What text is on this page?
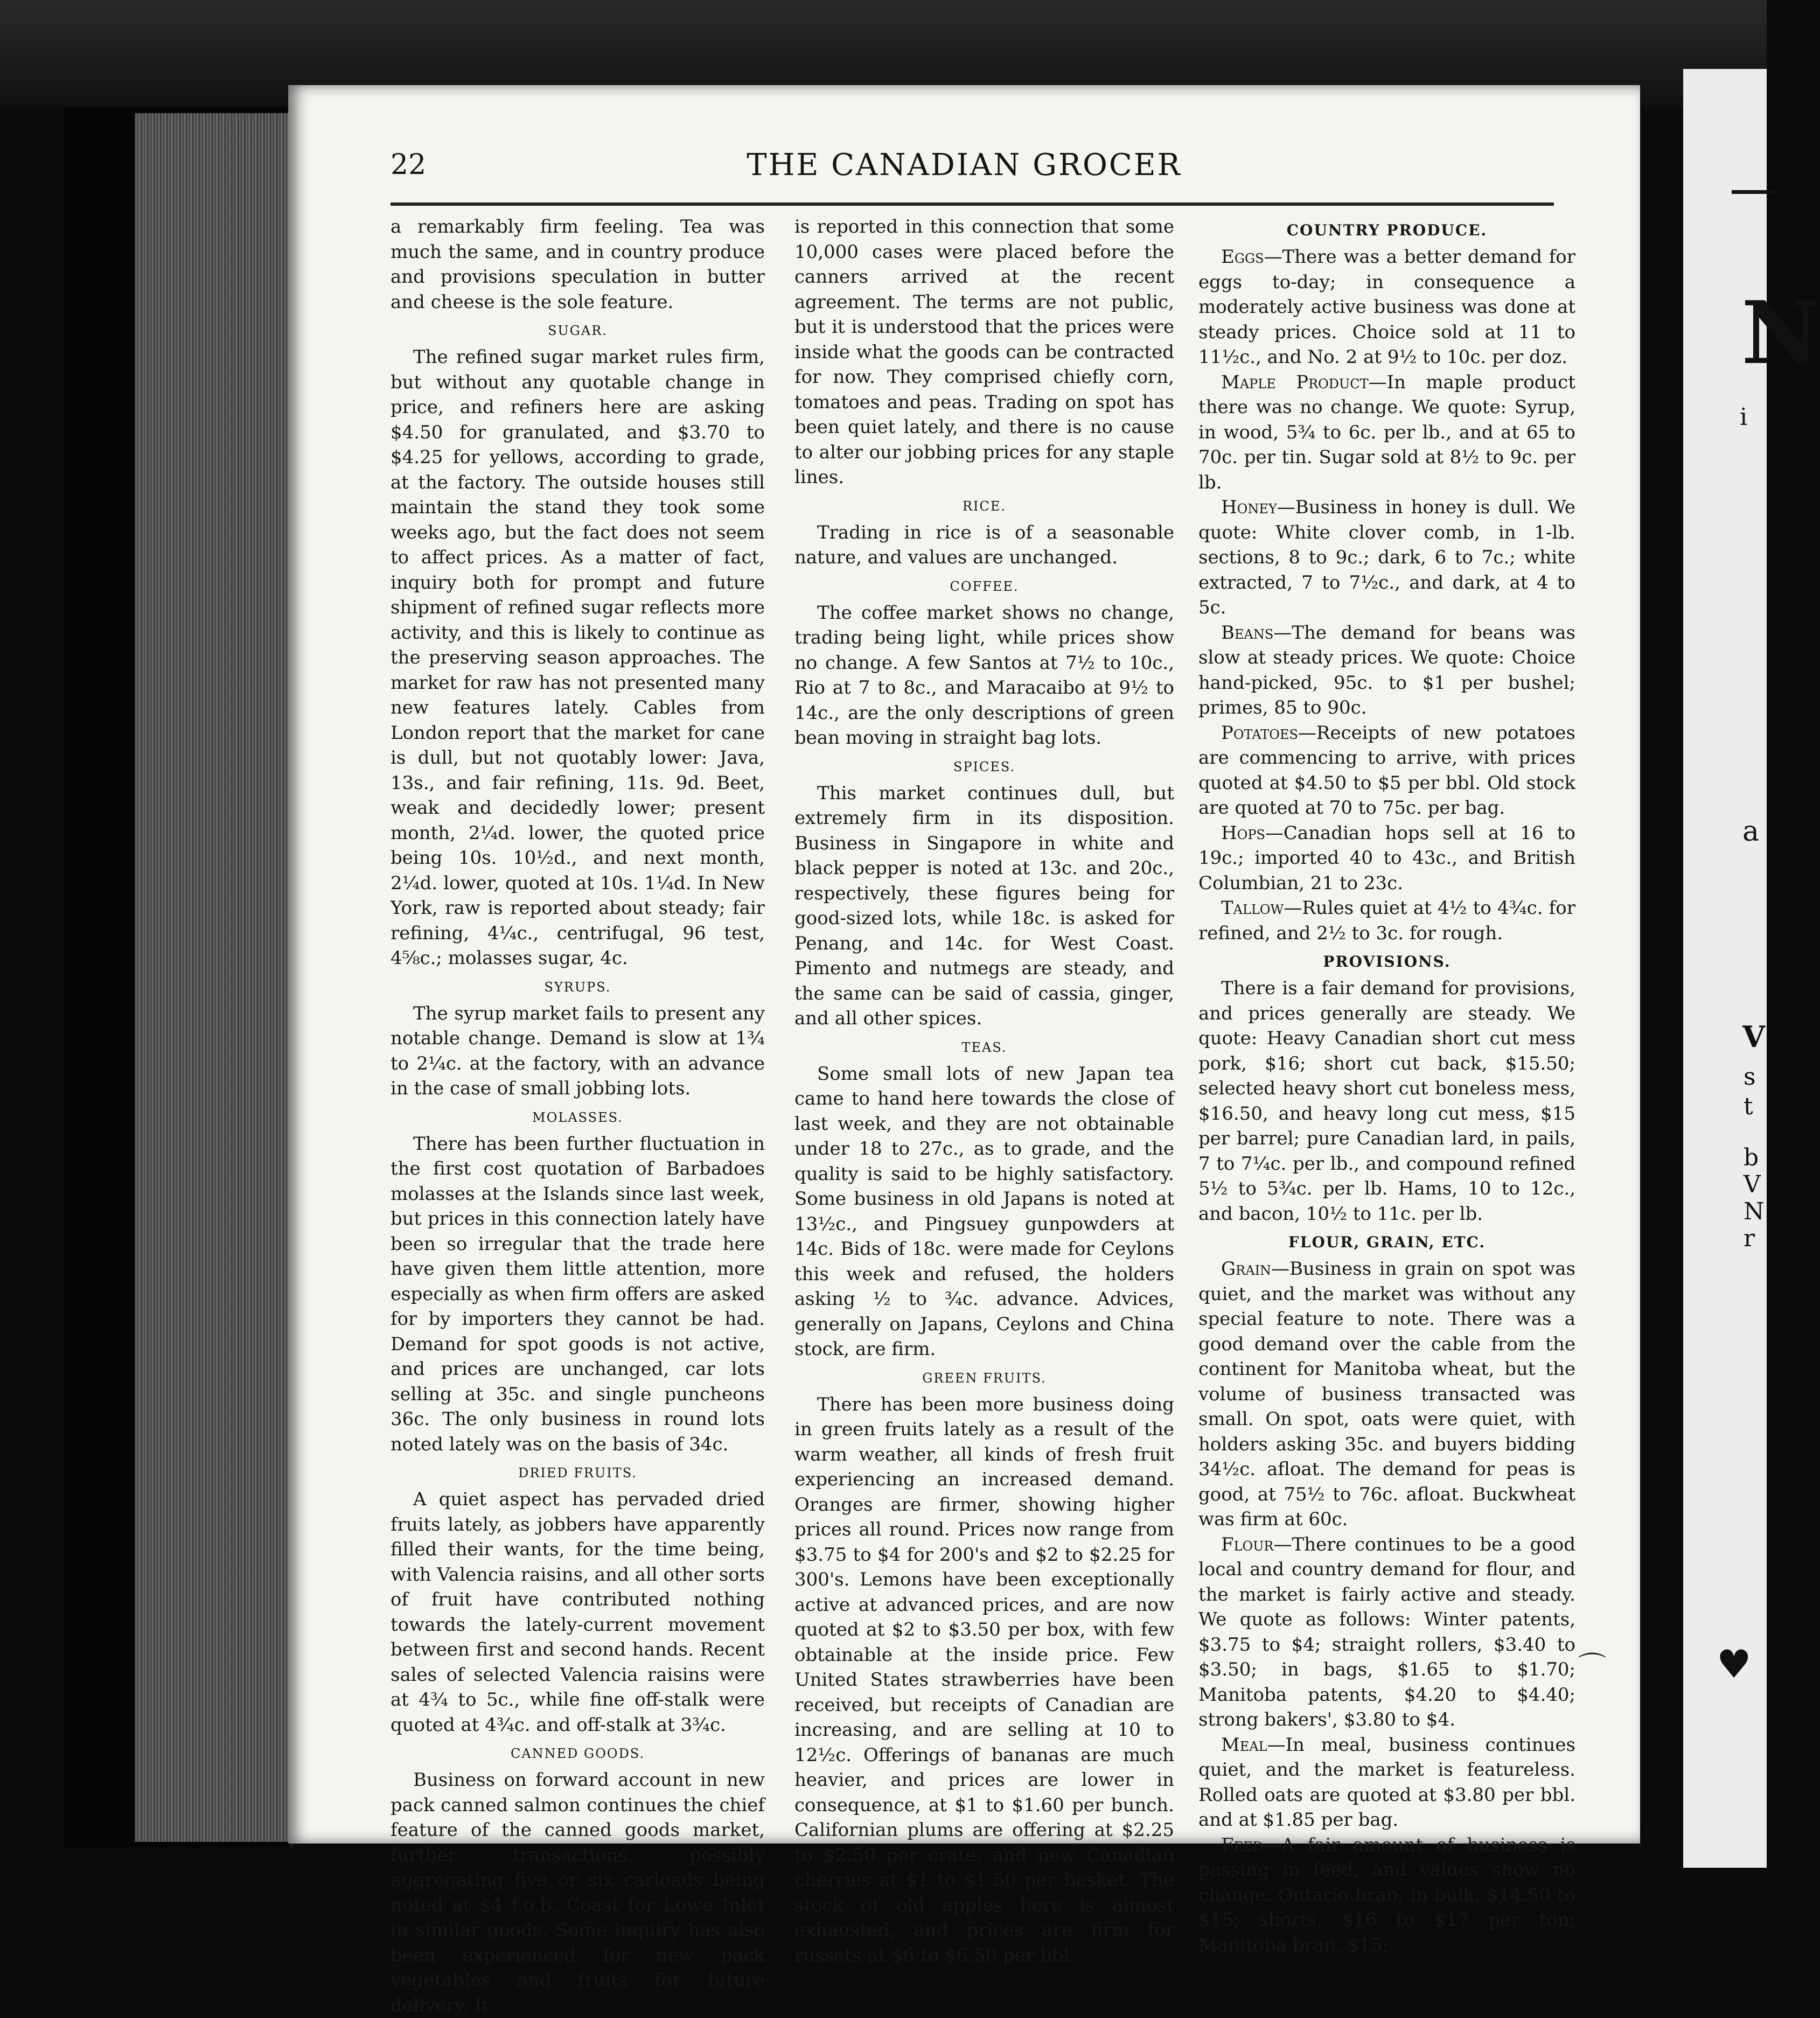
22	THE CANADIAN GROCER

a remarkably firm feeling. Tea was much the same, and in country produce and provisions speculation in butter and cheese is the sole feature.

SUGAR.

The refined sugar market rules firm, but without any quotable change in price, and refiners here are asking $4.50 for granulated, and $3.70 to $4.25 for yellows, according to grade, at the factory. The outside houses still maintain the stand they took some weeks ago, but the fact does not seem to affect prices. As a matter of fact, inquiry both for prompt and future shipment of refined sugar reflects more activity, and this is likely to continue as the preserving season approaches. The market for raw has not presented many new features lately. Cables from London report that the market for cane is dull, but not quotably lower: Java, 13s., and fair refining, 11s. 9d. Beet, weak and decidedly lower; present month, 2¼d. lower, the quoted price being 10s. 10½d., and next month, 2¼d. lower, quoted at 10s. 1¼d. In New York, raw is reported about steady; fair refining, 4¼c., centrifugal, 96 test, 4⅝c.; molasses sugar, 4c.

SYRUPS.

The syrup market fails to present any notable change. Demand is slow at 1¾ to 2¼c. at the factory, with an advance in the case of small jobbing lots.

MOLASSES.

There has been further fluctuation in the first cost quotation of Barbadoes molasses at the Islands since last week, but prices in this connection lately have been so irregular that the trade here have given them little attention, more especially as when firm offers are asked for by importers they cannot be had. Demand for spot goods is not active, and prices are unchanged, car lots selling at 35c. and single puncheons 36c. The only business in round lots noted lately was on the basis of 34c.

DRIED FRUITS.

A quiet aspect has pervaded dried fruits lately, as jobbers have apparently filled their wants, for the time being, with Valencia raisins, and all other sorts of fruit have contributed nothing towards the lately-current movement between first and second hands. Recent sales of selected Valencia raisins were at 4¾ to 5c., while fine off-stalk were quoted at 4¾c. and off-stalk at 3¾c.

CANNED GOODS.

Business on forward account in new pack canned salmon continues the chief feature of the canned goods market, further transactions, possibly aggregating five or six carloads being noted at $4 f.o.b. Coast for Lowe Inlet in similar goods. Some inquiry has also been experienced for new pack vegetables and fruits for future delivery. It

is reported in this connection that some 10,000 cases were placed before the canners arrived at the recent agreement. The terms are not public, but it is understood that the prices were inside what the goods can be contracted for now. They comprised chiefly corn, tomatoes and peas. Trading on spot has been quiet lately, and there is no cause to alter our jobbing prices for any staple lines.

RICE.

Trading in rice is of a seasonable nature, and values are unchanged.

COFFEE.

The coffee market shows no change, trading being light, while prices show no change. A few Santos at 7½ to 10c., Rio at 7 to 8c., and Maracaibo at 9½ to 14c., are the only descriptions of green bean moving in straight bag lots.

SPICES.

This market continues dull, but extremely firm in its disposition. Business in Singapore in white and black pepper is noted at 13c. and 20c., respectively, these figures being for good-sized lots, while 18c. is asked for Penang, and 14c. for West Coast. Pimento and nutmegs are steady, and the same can be said of cassia, ginger, and all other spices.

TEAS.

Some small lots of new Japan tea came to hand here towards the close of last week, and they are not obtainable under 18 to 27c., as to grade, and the quality is said to be highly satisfactory. Some business in old Japans is noted at 13½c., and Pingsuey gunpowders at 14c. Bids of 18c. were made for Ceylons this week and refused, the holders asking ½ to ¾c. advance. Advices, generally on Japans, Ceylons and China stock, are firm.

GREEN FRUITS.

There has been more business doing in green fruits lately as a result of the warm weather, all kinds of fresh fruit experiencing an increased demand. Oranges are firmer, showing higher prices all round. Prices now range from $3.75 to $4 for 200's and $2 to $2.25 for 300's. Lemons have been exceptionally active at advanced prices, and are now quoted at $2 to $3.50 per box, with few obtainable at the inside price. Few United States strawberries have been received, but receipts of Canadian are increasing, and are selling at 10 to 12½c. Offerings of bananas are much heavier, and prices are lower in consequence, at $1 to $1.60 per bunch. Californian plums are offering at $2.25 to $2.50 per crate, and new Canadian cherries at $1 to $1.50 per basket. The stock of old apples here is almost exhausted, and prices are firm for russets at $6 to $6.50 per bbl.

COUNTRY PRODUCE.

Eggs—There was a better demand for eggs to-day; in consequence a moderately active business was done at steady prices. Choice sold at 11 to 11½c., and No. 2 at 9½ to 10c. per doz.

Maple Product—In maple product there was no change. We quote: Syrup, in wood, 5¾ to 6c. per lb., and at 65 to 70c. per tin. Sugar sold at 8½ to 9c. per lb.

Honey—Business in honey is dull. We quote: White clover comb, in 1-lb. sections, 8 to 9c.; dark, 6 to 7c.; white extracted, 7 to 7½c., and dark, at 4 to 5c.

Beans—The demand for beans was slow at steady prices. We quote: Choice hand-picked, 95c. to $1 per bushel; primes, 85 to 90c.

Potatoes—Receipts of new potatoes are commencing to arrive, with prices quoted at $4.50 to $5 per bbl. Old stock are quoted at 70 to 75c. per bag.

Hops—Canadian hops sell at 16 to 19c.; imported 40 to 43c., and British Columbian, 21 to 23c.

Tallow—Rules quiet at 4½ to 4¾c. for refined, and 2½ to 3c. for rough.

PROVISIONS.

There is a fair demand for provisions, and prices generally are steady. We quote: Heavy Canadian short cut mess pork, $16; short cut back, $15.50; selected heavy short cut boneless mess, $16.50, and heavy long cut mess, $15 per barrel; pure Canadian lard, in pails, 7 to 7¼c. per lb., and compound refined 5½ to 5¾c. per lb. Hams, 10 to 12c., and bacon, 10½ to 11c. per lb.

FLOUR, GRAIN, ETC.

Grain—Business in grain on spot was quiet, and the market was without any special feature to note. There was a good demand over the cable from the continent for Manitoba wheat, but the volume of business transacted was small. On spot, oats were quiet, with holders asking 35c. and buyers bidding 34½c. afloat. The demand for peas is good, at 75½ to 76c. afloat. Buckwheat was firm at 60c.

Flour—There continues to be a good local and country demand for flour, and the market is fairly active and steady. We quote as follows: Winter patents, $3.75 to $4; straight rollers, $3.40 to $3.50; in bags, $1.65 to $1.70; Manitoba patents, $4.20 to $4.40; strong bakers', $3.80 to $4.

Meal—In meal, business continues quiet, and the market is featureless. Rolled oats are quoted at $3.80 per bbl. and at $1.85 per bag.

Feed—A fair amount of business is passing in feed, and values show no change. Ontario bran, in bulk, $14.50 to $15; shorts, $16 to $17 per ton; Manitoba bran, $15;

⌒
N
i
a
V
s
t
b
V
N
r
♥
